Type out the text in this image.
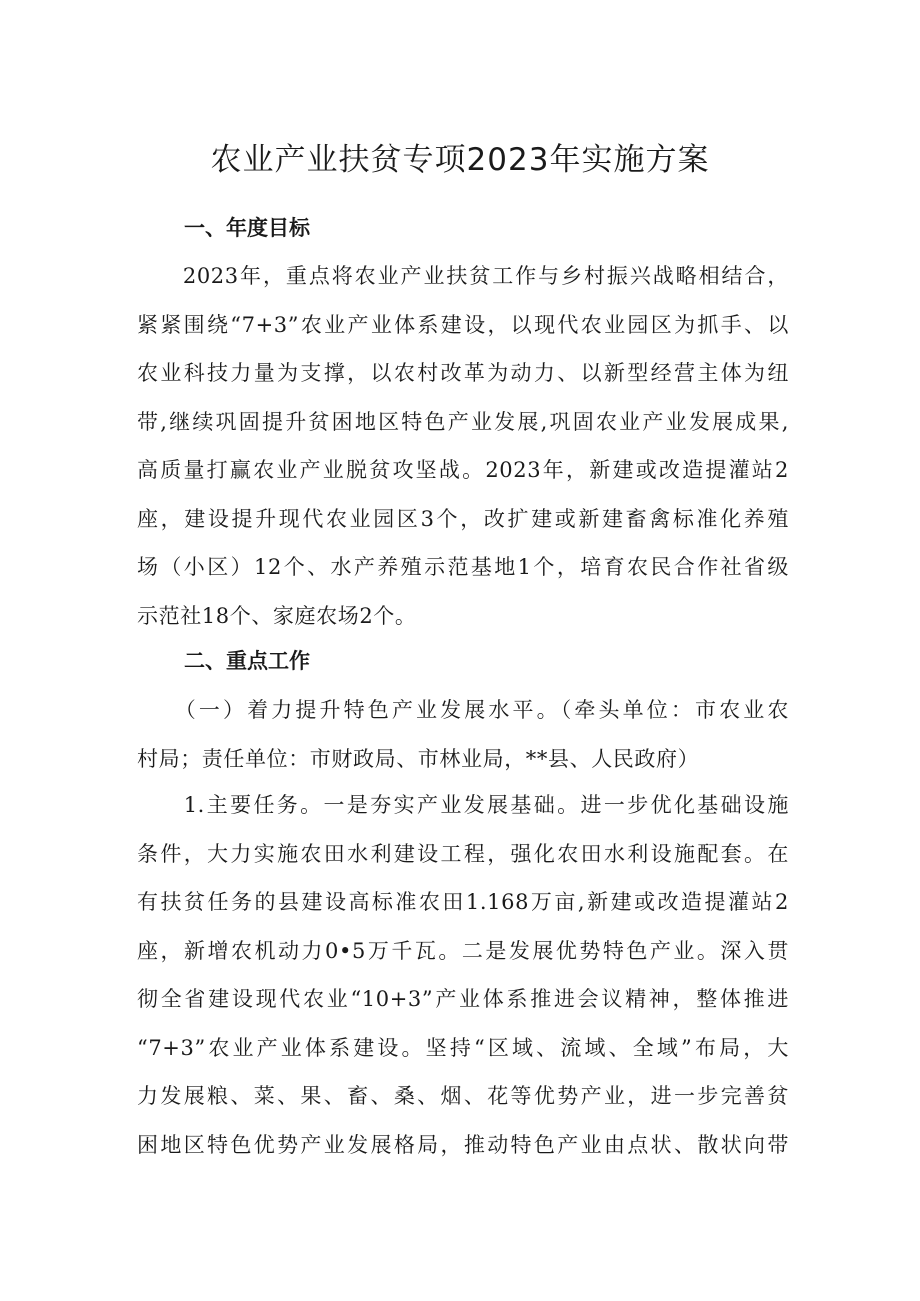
农业产业扶贫专项2023年实施方案
一、年度目标

　　2023年，重点将农业产业扶贫工作与乡村振兴战略相结合，
紧紧围绕“7+3”农业产业体系建设，以现代农业园区为抓手、以
农业科技力量为支撑，以农村改革为动力、以新型经营主体为纽
带,继续巩固提升贫困地区特色产业发展,巩固农业产业发展成果,
高质量打赢农业产业脱贫攻坚战。2023年，新建或改造提灌站2
座，建设提升现代农业园区3个，改扩建或新建畜禽标准化养殖
场（小区）12个、水产养殖示范基地1个，培育农民合作社省级
示范社18个、家庭农场2个。

二、重点工作

　　（一）着力提升特色产业发展水平。（牵头单位：市农业农
村局；责任单位：市财政局、市林业局，**县、人民政府）

　　1.主要任务。一是夯实产业发展基础。进一步优化基础设施
条件，大力实施农田水利建设工程，强化农田水利设施配套。在
有扶贫任务的县建设高标准农田1.168万亩,新建或改造提灌站2
座，新增农机动力0•5万千瓦。二是发展优势特色产业。深入贯
彻全省建设现代农业“10+3”产业体系推进会议精神，整体推进
“7+3”农业产业体系建设。坚持“区域、流域、全域”布局，大
力发展粮、菜、果、畜、桑、烟、花等优势产业，进一步完善贫
困地区特色优势产业发展格局，推动特色产业由点状、散状向带
